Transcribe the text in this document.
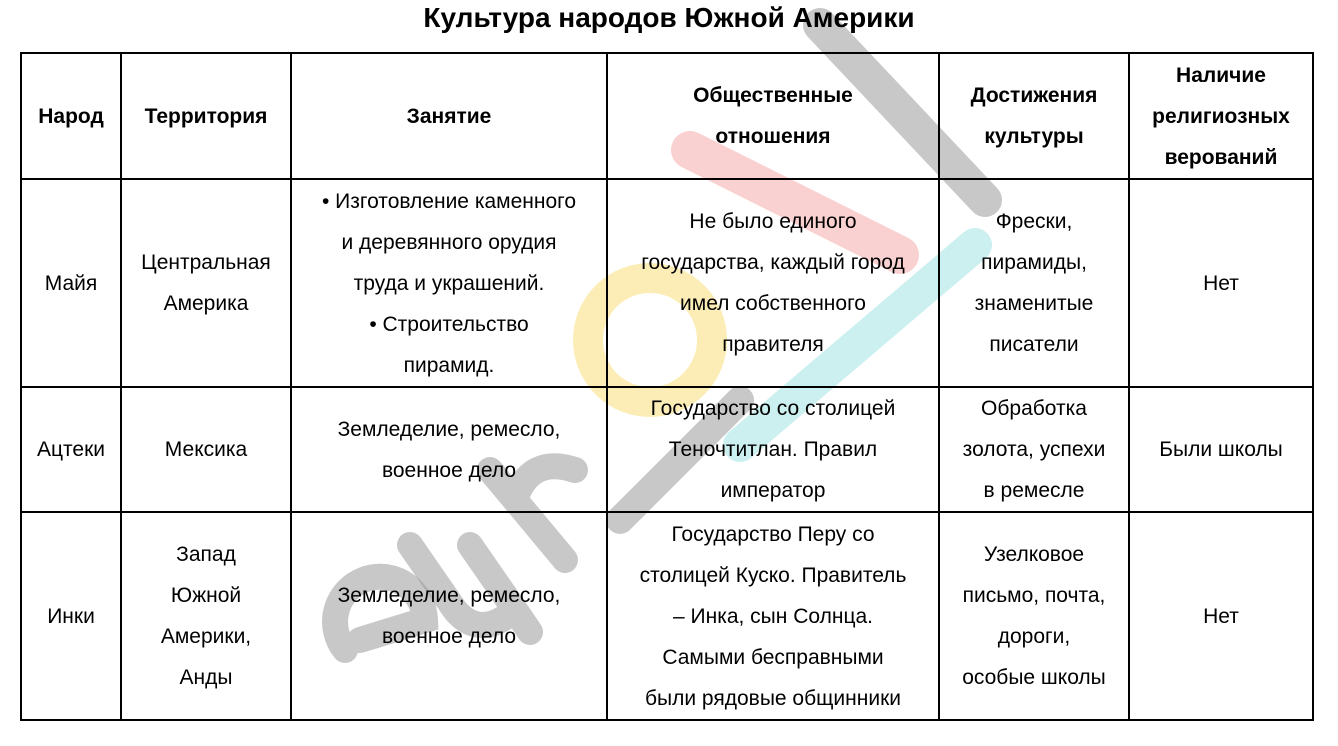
Культура народов Южной Америки
Народ	Территория	Занятие	Общественные
отношения	Достижения
культуры	Наличие
религиозных
верований

Майя	Центральная
Америка	• Изготовление каменного
и деревянного орудия
труда и украшений.
• Строительство
пирамид.	Не было единого
государства, каждый город
имел собственного
правителя	Фрески,
пирамиды,
знаменитые
писатели	Нет

Ацтеки	Мексика	Земледелие, ремесло,
военное дело	Государство со столицей
Теночтитлан. Правил
император	Обработка
золота, успехи
в ремесле	Были школы

Инки	Запад
Южной
Америки,
Анды	Земледелие, ремесло,
военное дело	Государство Перу со
столицей Куско. Правитель
– Инка, сын Солнца.
Самыми бесправными
были рядовые общинники	Узелковое
письмо, почта,
дороги,
особые школы	Нет
